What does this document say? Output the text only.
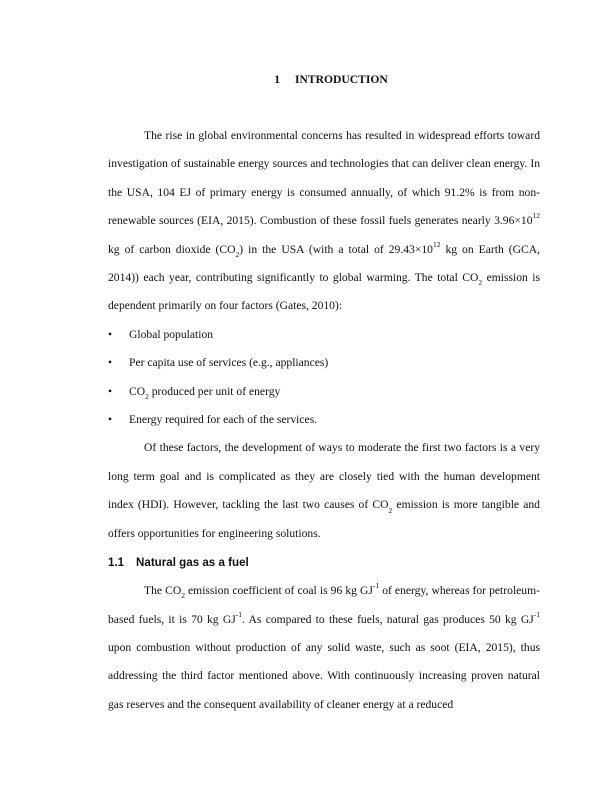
1 INTRODUCTION

The rise in global environmental concerns has resulted in widespread efforts toward investigation of sustainable energy sources and technologies that can deliver clean energy. In the USA, 104 EJ of primary energy is consumed annually, of which 91.2% is from non-renewable sources (EIA, 2015). Combustion of these fossil fuels generates nearly $3.96\times 10^{12}$ kg of carbon dioxide $(CO_2)$ in the USA (with a total of $29.43\times 10^{12}$ kg on Earth (GCA, 2014)) each year, contributing significantly to global warming. The total $CO_2$ emission is dependent primarily on four factors (Gates, 2010):

• Global population
• Per capita use of services (e.g., appliances)
• $CO_2$ produced per unit of energy
• Energy required for each of the services.

Of these factors, the development of ways to moderate the first two factors is a very long term goal and is complicated as they are closely tied with the human development index (HDI). However, tackling the last two causes of $CO_2$ emission is more tangible and offers opportunities for engineering solutions.

1.1 Natural gas as a fuel

The $CO_2$ emission coefficient of coal is 96 kg $GJ^{-1}$ of energy, whereas for petroleum-based fuels, it is 70 kg $GJ^{-1}$. As compared to these fuels, natural gas produces 50 kg $GJ^{-1}$ upon combustion without production of any solid waste, such as soot (EIA, 2015), thus addressing the third factor mentioned above. With continuously increasing proven natural gas reserves and the consequent availability of cleaner energy at a reduced
